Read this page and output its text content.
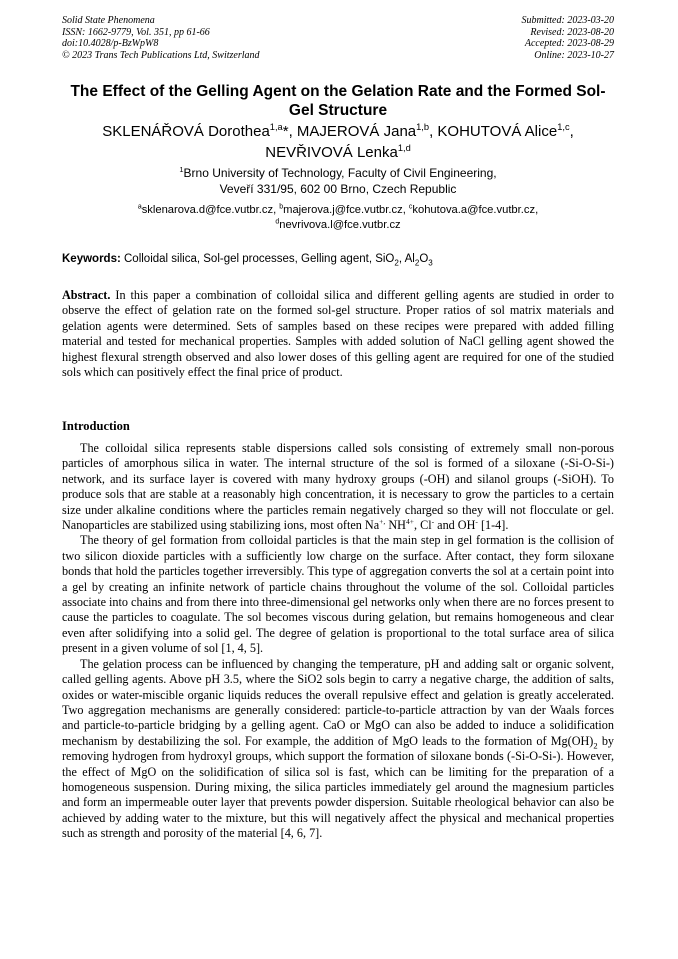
Solid State Phenomena
ISSN: 1662-9779, Vol. 351, pp 61-66
doi:10.4028/p-BzWpW8
© 2023 Trans Tech Publications Ltd, Switzerland
Submitted: 2023-03-20
Revised: 2023-08-20
Accepted: 2023-08-29
Online: 2023-10-27
The Effect of the Gelling Agent on the Gelation Rate and the Formed Sol-Gel Structure
SKLENÁŘOVÁ Dorothea$^{1,a}$*, MAJEROVÁ Jana$^{1,b}$, KOHUTOVÁ Alice$^{1,c}$,
NEVŘIVOVÁ Lenka$^{1,d}$
$^1$Brno University of Technology, Faculty of Civil Engineering,
Veveří 331/95, 602 00 Brno, Czech Republic
$^a$sklenarova.d@fce.vutbr.cz, $^b$majerova.j@fce.vutbr.cz, $^c$kohutova.a@fce.vutbr.cz,
$^d$nevrivova.l@fce.vutbr.cz
Keywords: Colloidal silica, Sol-gel processes, Gelling agent, SiO$_2$, $Al_2O_3$
Abstract. In this paper a combination of colloidal silica and different gelling agents are studied in order to observe the effect of gelation rate on the formed sol-gel structure. Proper ratios of sol matrix materials and gelation agents were determined. Sets of samples based on these recipes were prepared with added filling material and tested for mechanical properties. Samples with added solution of NaCl gelling agent showed the highest flexural strength observed and also lower doses of this gelling agent are required for one of the studied sols which can positively effect the final price of product.
Introduction

The colloidal silica represents stable dispersions called sols consisting of extremely small non-porous particles of amorphous silica in water. The internal structure of the sol is formed of a siloxane (-Si-O-Si-) network, and its surface layer is covered with many hydroxy groups (-OH) and silanol groups (-SiOH). To produce sols that are stable at a reasonably high concentration, it is necessary to grow the particles to a certain size under alkaline conditions where the particles remain negatively charged so they will not flocculate or gel. Nanoparticles are stabilized using stabilizing ions, most often Na+, $NH^{4+}$, Cl- and OH- [1-4].

The theory of gel formation from colloidal particles is that the main step in gel formation is the collision of two silicon dioxide particles with a sufficiently low charge on the surface. After contact, they form siloxane bonds that hold the particles together irreversibly. This type of aggregation converts the sol at a certain point into a gel by creating an infinite network of particle chains throughout the volume of the sol. Colloidal particles associate into chains and from there into three-dimensional gel networks only when there are no forces present to cause the particles to coagulate. The sol becomes viscous during gelation, but remains homogeneous and clear even after solidifying into a solid gel. The degree of gelation is proportional to the total surface area of silica present in a given volume of sol [1, 4, 5].

The gelation process can be influenced by changing the temperature, pH and adding salt or organic solvent, called gelling agents. Above pH 3.5, where the SiO2 sols begin to carry a negative charge, the addition of salts, oxides or water-miscible organic liquids reduces the overall repulsive effect and gelation is greatly accelerated. Two aggregation mechanisms are generally considered: particle-to-particle attraction by van der Waals forces and particle-to-particle bridging by a gelling agent. CaO or MgO can also be added to induce a solidification mechanism by destabilizing the sol. For example, the addition of MgO leads to the formation of $Mg(OH)_2$ by removing hydrogen from hydroxyl groups, which support the formation of siloxane bonds (-Si-O-Si-). However, the effect of MgO on the solidification of silica sol is fast, which can be limiting for the preparation of a homogeneous suspension. During mixing, the silica particles immediately gel around the magnesium particles and form an impermeable outer layer that prevents powder dispersion. Suitable rheological behavior can also be achieved by adding water to the mixture, but this will negatively affect the physical and mechanical properties such as strength and porosity of the material [4, 6, 7].
